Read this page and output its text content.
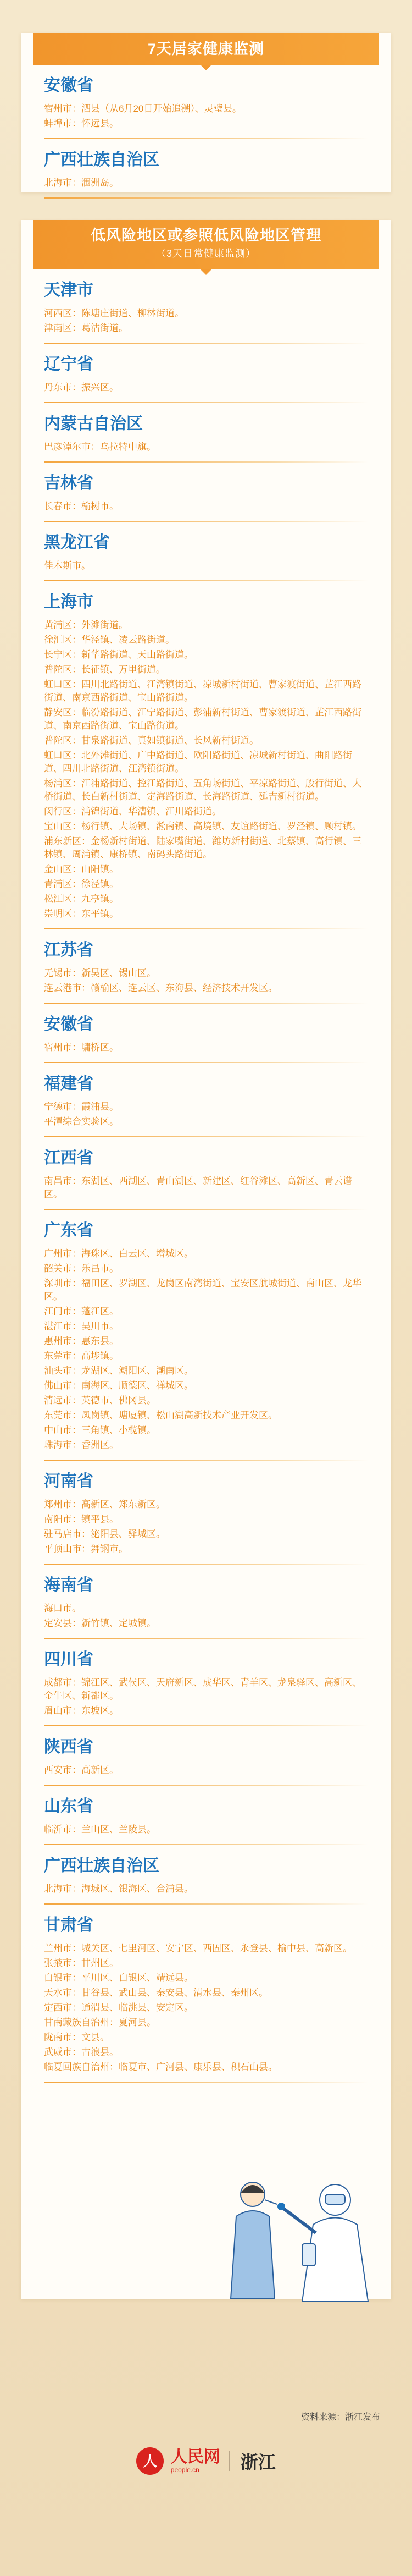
7天居家健康监测
安徽省
宿州市：泗县（从6月20日开始追溯）、灵璧县。
蚌埠市：怀远县。
广西壮族自治区
北海市：涠洲岛。
低风险地区或参照低风险地区管理
（3天日常健康监测）
天津市
河西区：陈塘庄街道、柳林街道。
津南区：葛沽街道。
辽宁省
丹东市：振兴区。
内蒙古自治区
巴彦淖尔市：乌拉特中旗。
吉林省
长春市：榆树市。
黑龙江省
佳木斯市。
上海市
黄浦区：外滩街道。
徐汇区：华泾镇、凌云路街道。
长宁区：新华路街道、天山路街道。
普陀区：长征镇、万里街道。
虹口区：四川北路街道、江湾镇街道、凉城新村街道、曹家渡街道、芷江西路街道、南京西路街道、宝山路街道。
静安区：临汾路街道、江宁路街道、彭浦新村街道、曹家渡街道、芷江西路街道、南京西路街道、宝山路街道。
普陀区：甘泉路街道、真如镇街道、长风新村街道。
虹口区：北外滩街道、广中路街道、欧阳路街道、凉城新村街道、曲阳路街道、四川北路街道、江湾镇街道。
杨浦区：江浦路街道、控江路街道、五角场街道、平凉路街道、殷行街道、大桥街道、长白新村街道、定海路街道、长海路街道、延吉新村街道。
闵行区：浦锦街道、华漕镇、江川路街道。
宝山区：杨行镇、大场镇、淞南镇、高境镇、友谊路街道、罗泾镇、顾村镇。
浦东新区：金杨新村街道、陆家嘴街道、潍坊新村街道、北蔡镇、高行镇、三林镇、周浦镇、康桥镇、南码头路街道。
金山区：山阳镇。
青浦区：徐泾镇。
松江区：九亭镇。
崇明区：东平镇。
江苏省
无锡市：新吴区、锡山区。
连云港市：赣榆区、连云区、东海县、经济技术开发区。
安徽省
宿州市：墉桥区。
福建省
宁德市：霞浦县。
平潭综合实验区。
江西省
南昌市：东湖区、西湖区、青山湖区、新建区、红谷滩区、高新区、青云谱区。
广东省
广州市：海珠区、白云区、增城区。
韶关市：乐昌市。
深圳市：福田区、罗湖区、龙岗区南湾街道、宝安区航城街道、南山区、龙华区。
江门市：蓬江区。
湛江市：吴川市。
惠州市：惠东县。
东莞市：高埗镇。
汕头市：龙湖区、潮阳区、潮南区。
佛山市：南海区、顺德区、禅城区。
清远市：英德市、佛冈县。
东莞市：凤岗镇、塘厦镇、松山湖高新技术产业开发区。
中山市：三角镇、小榄镇。
珠海市：香洲区。
河南省
郑州市：高新区、郑东新区。
南阳市：镇平县。
驻马店市：泌阳县、驿城区。
平顶山市：舞钢市。
海南省
海口市。
定安县：新竹镇、定城镇。
四川省
成都市：锦江区、武侯区、天府新区、成华区、青羊区、龙泉驿区、高新区、金牛区、新都区。
眉山市：东坡区。
陕西省
西安市：高新区。
山东省
临沂市：兰山区、兰陵县。
广西壮族自治区
北海市：海城区、银海区、合浦县。
甘肃省
兰州市：城关区、七里河区、安宁区、西固区、永登县、榆中县、高新区。
张掖市：甘州区。
白银市：平川区、白银区、靖远县。
天水市：甘谷县、武山县、秦安县、清水县、秦州区。
定西市：通渭县、临洮县、安定区。
甘南藏族自治州：夏河县。
陇南市：文县。
武威市：古浪县。
临夏回族自治州：临夏市、广河县、康乐县、积石山县。
资料来源：浙江发布
人 人民网
people.cn	浙江
